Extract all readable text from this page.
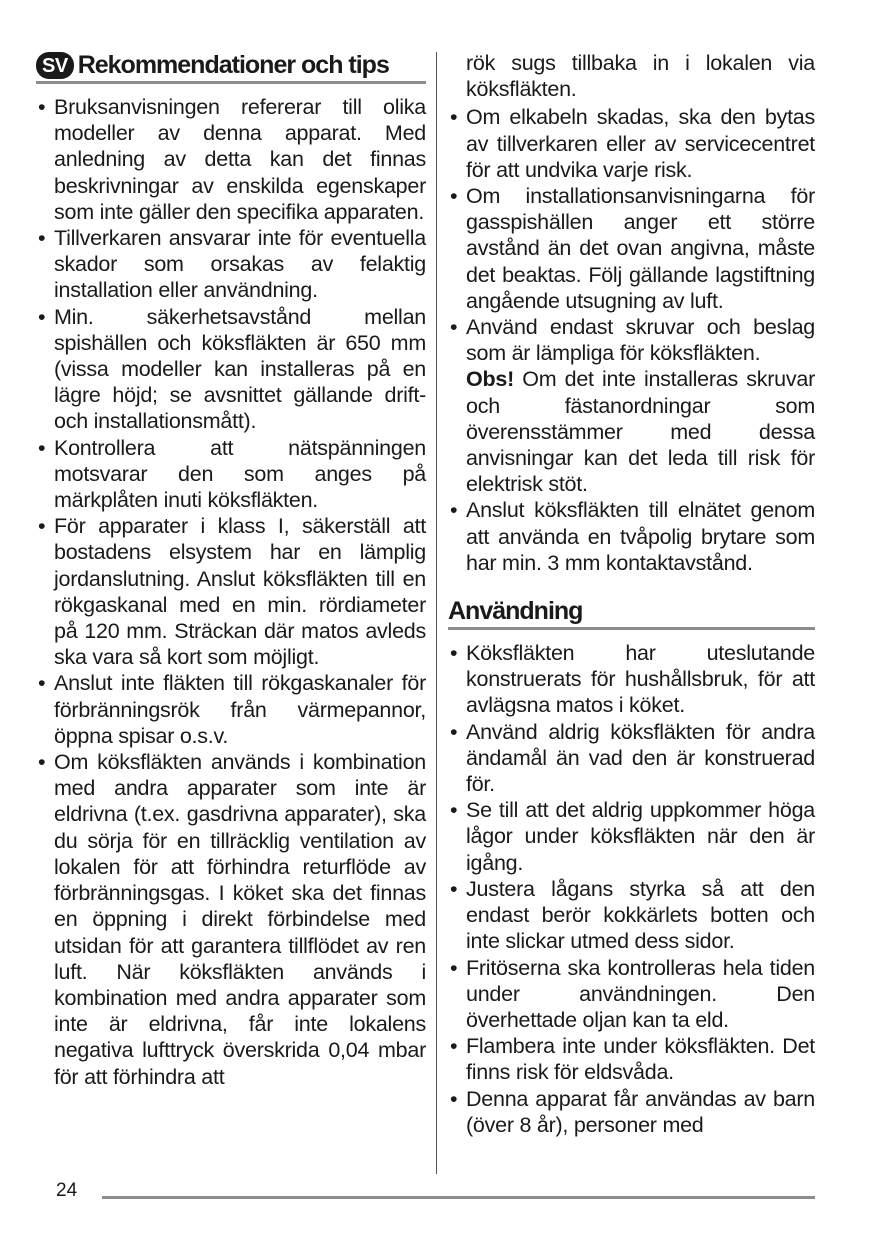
SV Rekommendationer och tips
• Bruksanvisningen refererar till olika modeller av denna apparat. Med anledning av detta kan det finnas beskrivningar av enskilda egenskaper som inte gäller den specifika apparaten.
• Tillverkaren ansvarar inte för eventuella skador som orsakas av felaktig installation eller användning.
• Min. säkerhetsavstånd mellan spishällen och köksfläkten är 650 mm (vissa modeller kan installeras på en lägre höjd; se avsnittet gällande drift- och installationsmått).
• Kontrollera att nätspänningen motsvarar den som anges på märkplåten inuti köksfläkten.
• För apparater i klass I, säkerställ att bostadens elsystem har en lämplig jordanslutning. Anslut köksfläkten till en rökgaskanal med en min. rördiameter på 120 mm. Sträckan där matos avleds ska vara så kort som möjligt.
• Anslut inte fläkten till rökgaskanaler för förbränningsrök från värmepannor, öppna spisar o.s.v.
• Om köksfläkten används i kombination med andra apparater som inte är eldrivna (t.ex. gasdrivna apparater), ska du sörja för en tillräcklig ventilation av lokalen för att förhindra returflöde av förbränningsgas. I köket ska det finnas en öppning i direkt förbindelse med utsidan för att garantera tillflödet av ren luft. När köksfläkten används i kombination med andra apparater som inte är eldrivna, får inte lokalens negativa lufttryck överskrida 0,04 mbar för att förhindra att

rök sugs tillbaka in i lokalen via köksfläkten.

• Om elkabeln skadas, ska den bytas av tillverkaren eller av servicecentret för att undvika varje risk.
• Om installationsanvisningarna för gasspishällen anger ett större avstånd än det ovan angivna, måste det beaktas. Följ gällande lagstiftning angående utsugning av luft.
• Använd endast skruvar och beslag som är lämpliga för köksfläkten.
Obs! Om det inte installeras skruvar och fästanordningar som överensstämmer med dessa anvisningar kan det leda till risk för elektrisk stöt.
• Anslut köksfläkten till elnätet genom att använda en tvåpolig brytare som har min. 3 mm kontaktavstånd.
Användning
• Köksfläkten har uteslutande konstruerats för hushållsbruk, för att avlägsna matos i köket.
• Använd aldrig köksfläkten för andra ändamål än vad den är konstruerad för.
• Se till att det aldrig uppkommer höga lågor under köksfläkten när den är igång.
• Justera lågans styrka så att den endast berör kokkärlets botten och inte slickar utmed dess sidor.
• Fritöserna ska kontrolleras hela tiden under användningen. Den överhettade oljan kan ta eld.
• Flambera inte under köksfläkten. Det finns risk för eldsvåda.
• Denna apparat får användas av barn (över 8 år), personer med
24
